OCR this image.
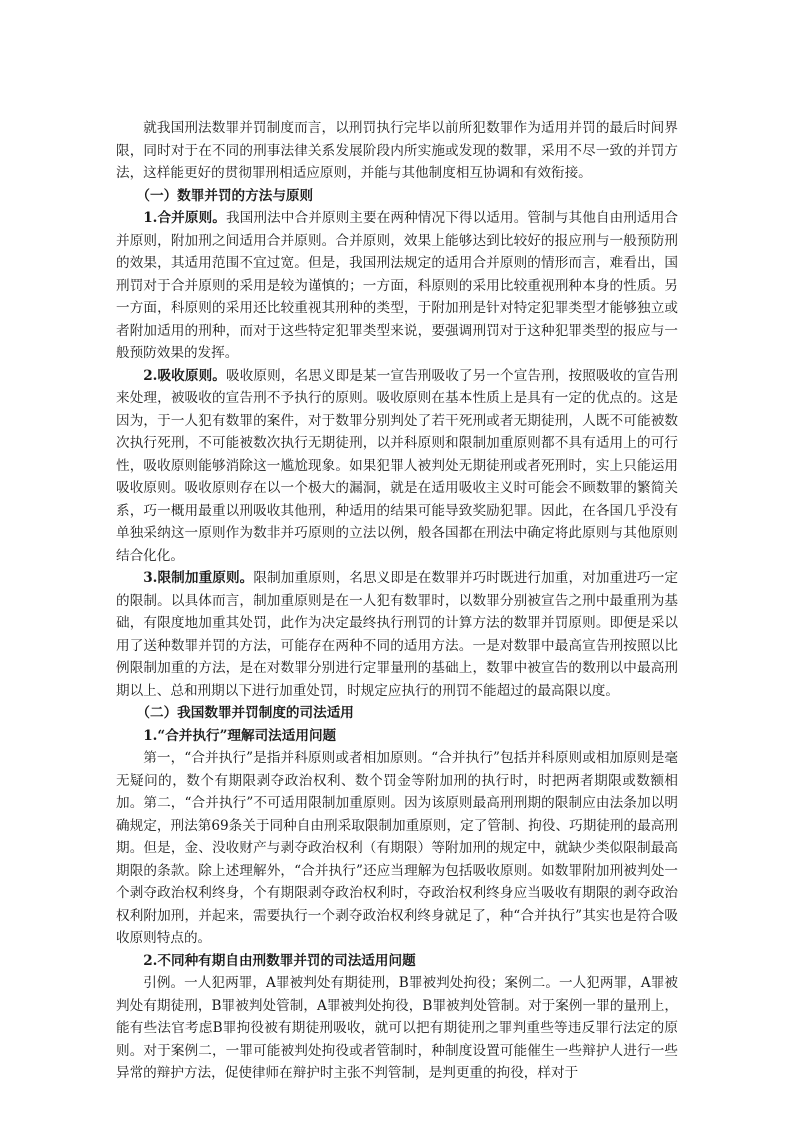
就我国刑法数罪并罚制度而言，以刑罚执行完毕以前所犯数罪作为适用并罚的最后时间界限，同时对于在不同的刑事法律关系发展阶段内所实施或发现的数罪，采用不尽一致的并罚方法，这样能更好的贯彻罪刑相适应原则，并能与其他制度相互协调和有效衔接。

（一）数罪并罚的方法与原则

1.合并原则。我国刑法中合并原则主要在两种情况下得以适用。管制与其他自由刑适用合并原则，附加刑之间适用合并原则。合并原则，效果上能够达到比较好的报应刑与一般预防刑的效果，其适用范围不宜过宽。但是，我国刑法规定的适用合并原则的情形而言，难看出，国刑罚对于合并原则的采用是较为谨慎的；一方面，科原则的采用比较重视刑种本身的性质。另一方面，科原则的采用还比较重视其刑种的类型，于附加刑是针对特定犯罪类型才能够独立或者附加适用的刑种，而对于这些特定犯罪类型来说，要强调刑罚对于这种犯罪类型的报应与一般预防效果的发挥。

2.吸收原则。吸收原则，名思义即是某一宣告刑吸收了另一个宣告刑，按照吸收的宣告刑来处理，被吸收的宣告刑不予执行的原则。吸收原则在基本性质上是具有一定的优点的。这是因为，于一人犯有数罪的案件，对于数罪分别判处了若干死刑或者无期徒刑，人既不可能被数次执行死刑，不可能被数次执行无期徒刑，以并科原则和限制加重原则都不具有适用上的可行性，吸收原则能够消除这一尴尬现象。如果犯罪人被判处无期徒刑或者死刑时，实上只能运用吸收原则。吸收原则存在以一个极大的漏洞，就是在适用吸收主义时可能会不顾数罪的繁简关系，巧一概用最重以刑吸收其他刑，种适用的结果可能导致奖励犯罪。因此，在各国几乎没有单独采纳这一原则作为数非并巧原则的立法以例，般各国都在刑法中确定将此原则与其他原则结合化化。

3.限制加重原则。限制加重原则，名思义即是在数罪并巧时既进行加重，对加重进巧一定的限制。以具体而言，制加重原则是在一人犯有数罪时，以数罪分别被宣告之刑中最重刑为基础，有限度地加重其处罚，此作为决定最终执行刑罚的计算方法的数罪并罚原则。即便是采以用了送种数罪并罚的方法，可能存在两种不同的适用方法。一是对数罪中最高宣告刑按照以比例限制加重的方法，是在对数罪分别进行定罪量刑的基础上，数罪中被宣告的数刑以中最高刑期以上、总和刑期以下进行加重处罚，时规定应执行的刑罚不能超过的最高限以度。

（二）我国数罪并罚制度的司法适用

1.“合并执行”理解司法适用问题

第一，“合并执行”是指并科原则或者相加原则。“合并执行”包括并科原则或相加原则是毫无疑问的，数个有期限剥夺政治权利、数个罚金等附加刑的执行时，时把两者期限或数额相加。第二，“合并执行”不可适用限制加重原则。因为该原则最高刑刑期的限制应由法条加以明确规定，刑法第69条关于同种自由刑采取限制加重原则，定了管制、拘役、巧期徒刑的最高刑期。但是，金、没收财产与剥夺政治权利（有期限）等附加刑的规定中，就缺少类似限制最高期限的条款。除上述理解外，“合并执行”还应当理解为包括吸收原则。如数罪附加刑被判处一个剥夺政治权利终身，个有期限剥夺政治权利时，夺政治权利终身应当吸收有期限的剥夺政治权利附加刑，并起来，需要执行一个剥夺政治权利终身就足了，种“合并执行”其实也是符合吸收原则特点的。

2.不同种有期自由刑数罪并罚的司法适用问题

引例。一人犯两罪，A罪被判处有期徒刑，B罪被判处拘役；案例二。一人犯两罪，A罪被判处有期徒刑，B罪被判处管制，A罪被判处拘役，B罪被判处管制。对于案例一罪的量刑上，能有些法官考虑B罪拘役被有期徒刑吸收，就可以把有期徒刑之罪判重些等违反罪行法定的原则。对于案例二，一罪可能被判处拘役或者管制时，种制度设置可能催生一些辩护人进行一些异常的辩护方法，促使律师在辩护时主张不判管制，是判更重的拘役，样对于
